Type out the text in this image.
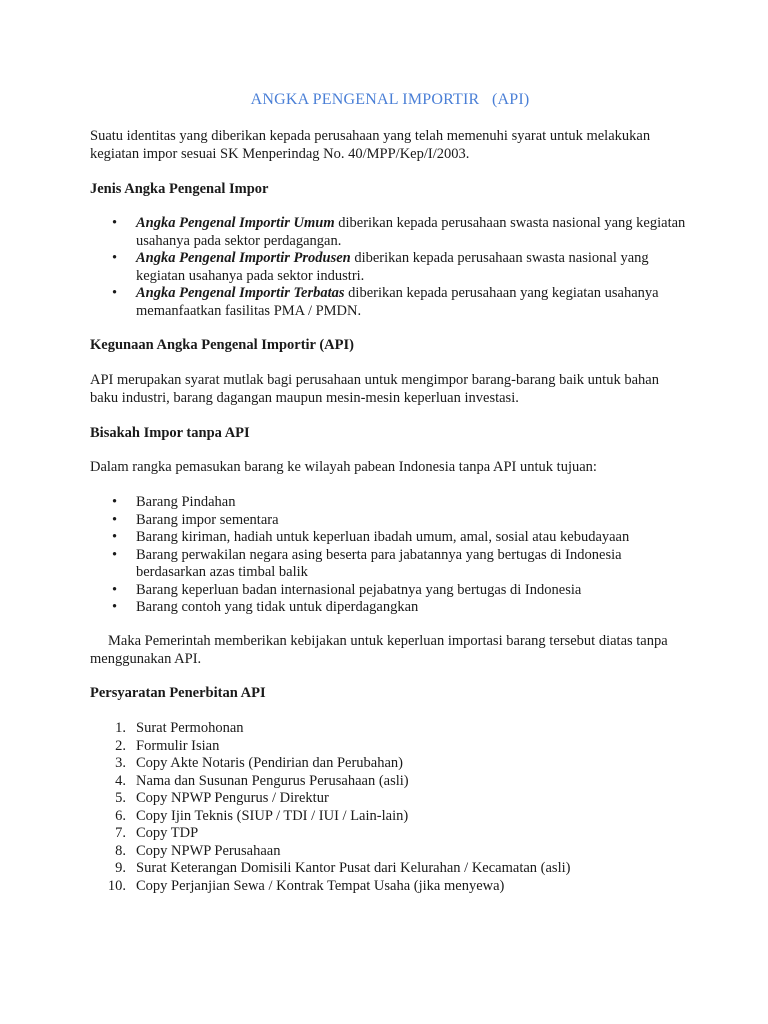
ANGKA PENGENAL IMPORTIR   (API)

Suatu identitas yang diberikan kepada perusahaan yang telah memenuhi syarat untuk melakukan kegiatan impor sesuai SK Menperindag No. 40/MPP/Kep/I/2003.

Jenis Angka Pengenal Impor

• Angka Pengenal Importir Umum diberikan kepada perusahaan swasta nasional yang kegiatan usahanya pada sektor perdagangan.
• Angka Pengenal Importir Produsen diberikan kepada perusahaan swasta nasional yang kegiatan usahanya pada sektor industri.
• Angka Pengenal Importir Terbatas diberikan kepada perusahaan yang kegiatan usahanya memanfaatkan fasilitas PMA / PMDN.

Kegunaan Angka Pengenal Importir (API)

API merupakan syarat mutlak bagi perusahaan untuk mengimpor barang-barang baik untuk bahan baku industri, barang dagangan maupun mesin-mesin keperluan investasi.

Bisakah Impor tanpa API

Dalam rangka pemasukan barang ke wilayah pabean Indonesia tanpa API untuk tujuan:

• Barang Pindahan
• Barang impor sementara
• Barang kiriman, hadiah untuk keperluan ibadah umum, amal, sosial atau kebudayaan
• Barang perwakilan negara asing beserta para jabatannya yang bertugas di Indonesia berdasarkan azas timbal balik
• Barang keperluan badan internasional pejabatnya yang bertugas di Indonesia
• Barang contoh yang tidak untuk diperdagangkan

Maka Pemerintah memberikan kebijakan untuk keperluan importasi barang tersebut diatas tanpa menggunakan API.

Persyaratan Penerbitan API

1. Surat Permohonan
2. Formulir Isian
3. Copy Akte Notaris (Pendirian dan Perubahan)
4. Nama dan Susunan Pengurus Perusahaan (asli)
5. Copy NPWP Pengurus / Direktur
6. Copy Ijin Teknis (SIUP / TDI / IUI / Lain-lain)
7. Copy TDP
8. Copy NPWP Perusahaan
9. Surat Keterangan Domisili Kantor Pusat dari Kelurahan / Kecamatan (asli)
10. Copy Perjanjian Sewa / Kontrak Tempat Usaha (jika menyewa)
